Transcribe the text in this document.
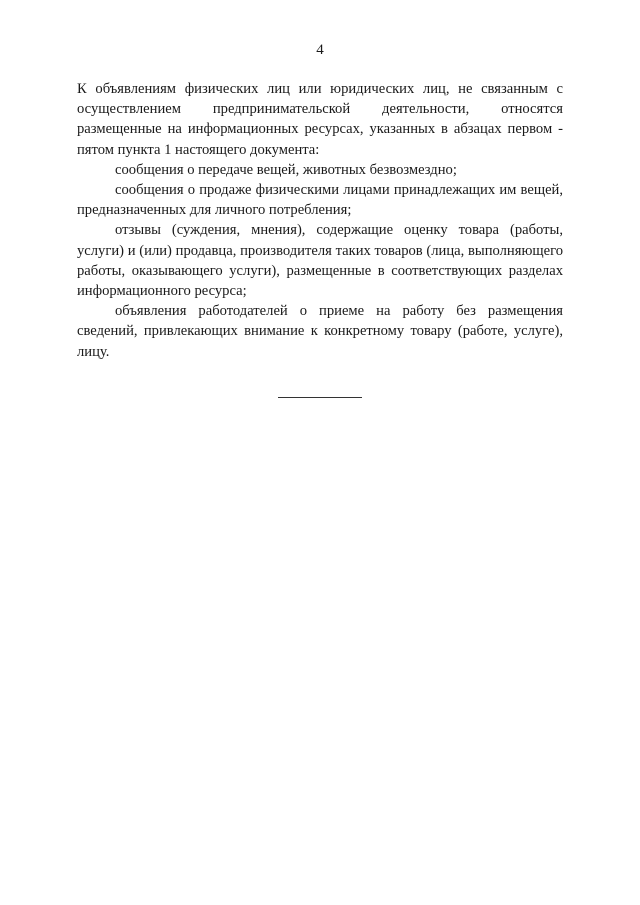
4

К объявлениям физических лиц или юридических лиц, не связанным с осуществлением предпринимательской деятельности, относятся размещенные на информационных ресурсах, указанных в абзацах первом - пятом пункта 1 настоящего документа:

сообщения о передаче вещей, животных безвозмездно;

сообщения о продаже физическими лицами принадлежащих им вещей, предназначенных для личного потребления;

отзывы (суждения, мнения), содержащие оценку товара (работы, услуги) и (или) продавца, производителя таких товаров (лица, выполняющего работы, оказывающего услуги), размещенные в соответствующих разделах информационного ресурса;

объявления работодателей о приеме на работу без размещения сведений, привлекающих внимание к конкретному товару (работе, услуге), лицу.
